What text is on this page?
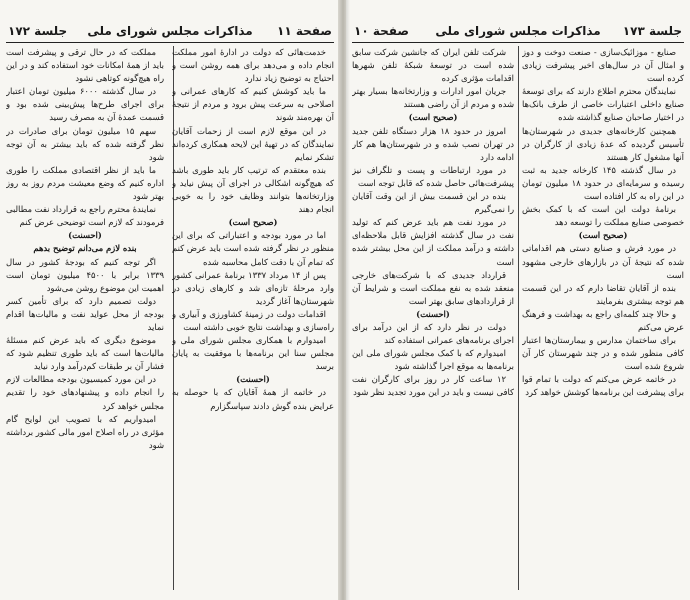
صفحة ۱۱
مذاکرات مجلس شورای ملی
جلسة ۱۷۲

خدمت‌هائی که دولت در ادارهٔ امور مملکت انجام داده و می‌دهد برای همه روشن است و احتیاج به توضیح زیاد ندارد

ما باید کوشش کنیم که کارهای عمرانی و اصلاحی به سرعت پیش برود و مردم از نتیجهٔ آن بهره‌مند شوند

در این موقع لازم است از زحمات آقایان نمایندگان که در تهیهٔ این لایحه همکاری کرده‌اند تشکر نمایم

بنده معتقدم که ترتیب کار باید طوری باشد که هیچ‌گونه اشکالی در اجرای آن پیش نیاید و وزارتخانه‌ها بتوانند وظایف خود را به خوبی انجام دهند

(صحیح است)

اما در مورد بودجه و اعتباراتی که برای این منظور در نظر گرفته شده است باید عرض کنم که تمام آن با دقت کامل محاسبه شده

پس از ۱۴ مرداد ۱۳۳۷ برنامهٔ عمرانی کشور وارد مرحلهٔ تازه‌ای شد و کارهای زیادی در شهرستان‌ها آغاز گردید

اقدامات دولت در زمینهٔ کشاورزی و آبیاری و راه‌سازی و بهداشت نتایج خوبی داشته است

امیدوارم با همکاری مجلس شورای ملی و مجلس سنا این برنامه‌ها با موفقیت به پایان برسد

(احسنت)

در خاتمه از همهٔ آقایان که با حوصله به عرایض بنده گوش دادند سپاسگزارم

مملکت که در حال ترقی و پیشرفت است باید از همهٔ امکانات خود استفاده کند و در این راه هیچ‌گونه کوتاهی نشود

در سال گذشته ۶۰۰۰ میلیون تومان اعتبار برای اجرای طرح‌ها پیش‌بینی شده بود و قسمت عمدهٔ آن به مصرف رسید

سهم ۱۵ میلیون تومان برای صادرات در نظر گرفته شده که باید بیشتر به آن توجه شود

ما باید از نظر اقتصادی مملکت را طوری اداره کنیم که وضع معیشت مردم روز به روز بهتر شود

نمایندهٔ محترم راجع به قرارداد نفت مطالبی فرمودند که لازم است توضیحی عرض کنم

(احسنت)

بنده لازم می‌دانم توضیح بدهم

اگر توجه کنیم که بودجهٔ کشور در سال ۱۳۳۹ برابر با ۴۵۰۰ میلیون تومان است اهمیت این موضوع روشن می‌شود

دولت تصمیم دارد که برای تأمین کسر بودجه از محل عواید نفت و مالیات‌ها اقدام نماید

موضوع دیگری که باید عرض کنم مسئلهٔ مالیات‌ها است که باید طوری تنظیم شود که فشار آن بر طبقات کم‌درآمد وارد نیاید

در این مورد کمیسیون بودجه مطالعات لازم را انجام داده و پیشنهادهای خود را تقدیم مجلس خواهد کرد

امیدواریم که با تصویب این لوایح گام مؤثری در راه اصلاح امور مالی کشور برداشته شود

جلسة ۱۷۳
مذاکرات مجلس شورای ملی
صفحة ۱۰

صنایع - موزائیک‌سازی - صنعت دوخت و دوز و امثال آن در سال‌های اخیر پیشرفت زیادی کرده است

نمایندگان محترم اطلاع دارند که برای توسعهٔ صنایع داخلی اعتبارات خاصی از طرف بانک‌ها در اختیار صاحبان صنایع گذاشته شده

همچنین کارخانه‌های جدیدی در شهرستان‌ها تأسیس گردیده که عدهٔ زیادی از کارگران در آنها مشغول کار هستند

در سال گذشته ۱۴۵ کارخانه جدید به ثبت رسیده و سرمایه‌ای در حدود ۱۸ میلیون تومان در این راه به کار افتاده است

برنامهٔ دولت این است که با کمک بخش خصوصی صنایع مملکت را توسعه دهد

(صحیح است)

در مورد فرش و صنایع دستی هم اقداماتی شده که نتیجهٔ آن در بازارهای خارجی مشهود است

بنده از آقایان تقاضا دارم که در این قسمت هم توجه بیشتری بفرمایند

و حالا چند کلمه‌ای راجع به بهداشت و فرهنگ عرض می‌کنم

برای ساختمان مدارس و بیمارستان‌ها اعتبار کافی منظور شده و در چند شهرستان کار آن شروع شده است

در خاتمه عرض می‌کنم که دولت با تمام قوا برای پیشرفت این برنامه‌ها کوشش خواهد کرد

شرکت تلفن ایران که جانشین شرکت سابق شده است در توسعهٔ شبکهٔ تلفن شهرها اقدامات مؤثری کرده

جریان امور ادارات و وزارتخانه‌ها بسیار بهتر شده و مردم از آن راضی هستند

(صحیح است)

امروز در حدود ۱۸ هزار دستگاه تلفن جدید در تهران نصب شده و در شهرستان‌ها هم کار ادامه دارد

در مورد ارتباطات و پست و تلگراف نیز پیشرفت‌هائی حاصل شده که قابل توجه است

بنده در این قسمت بیش از این وقت آقایان را نمی‌گیرم

در مورد نفت هم باید عرض کنم که تولید نفت در سال گذشته افزایش قابل ملاحظه‌ای داشته و درآمد مملکت از این محل بیشتر شده است

قرارداد جدیدی که با شرکت‌های خارجی منعقد شده به نفع مملکت است و شرایط آن از قراردادهای سابق بهتر است

(احسنت)

دولت در نظر دارد که از این درآمد برای اجرای برنامه‌های عمرانی استفاده کند

امیدوارم که با کمک مجلس شورای ملی این برنامه‌ها به موقع اجرا گذاشته شود

۱۲ ساعت کار در روز برای کارگران نفت کافی نیست و باید در این مورد تجدید نظر شود
